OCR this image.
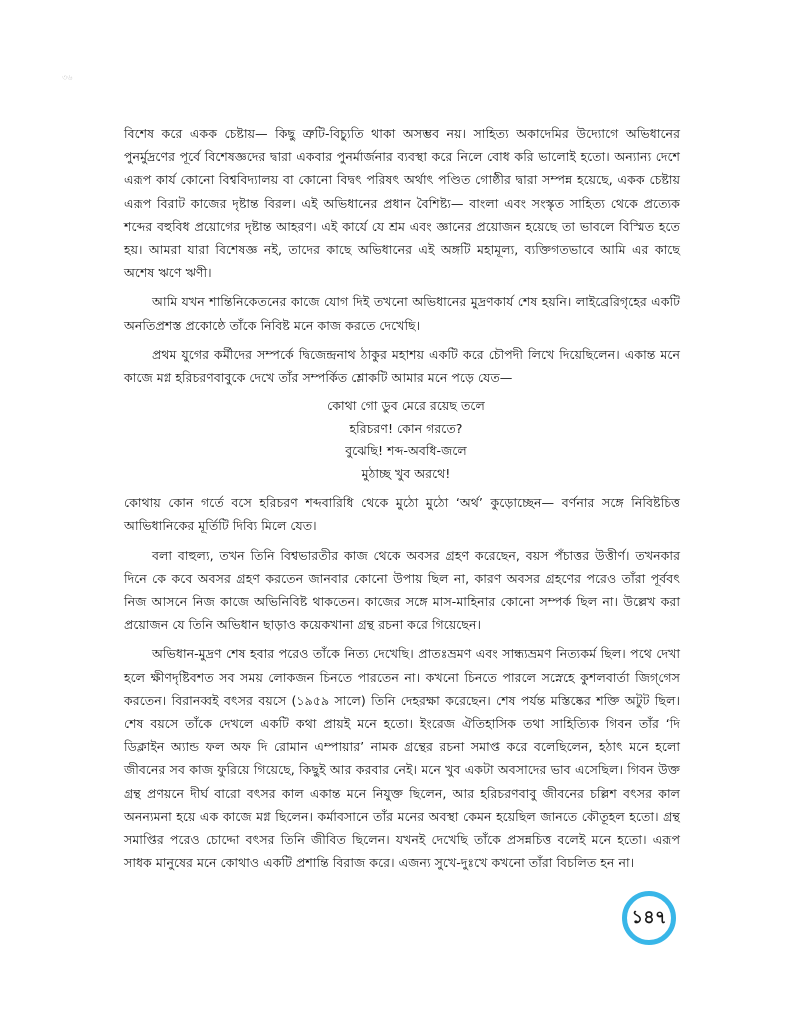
৩৬

বিশেষ করে একক চেষ্টায়— কিছু ত্রুটি-বিচ্যুতি থাকা অসম্ভব নয়। সাহিত্য অকাদেমির উদ্যোগে অভিধানের পুনর্মুদ্রণের পূর্বে বিশেষজ্ঞদের দ্বারা একবার পুনর্মার্জনার ব্যবস্থা করে নিলে বোধ করি ভালোই হতো। অন্যান্য দেশে এরূপ কার্য কোনো বিশ্ববিদ্যালয় বা কোনো বিদ্বৎ পরিষৎ অর্থাৎ পণ্ডিত গোষ্ঠীর দ্বারা সম্পন্ন হয়েছে, একক চেষ্টায় এরূপ বিরাট কাজের দৃষ্টান্ত বিরল। এই অভিধানের প্রধান বৈশিষ্ট্য— বাংলা এবং সংস্কৃত সাহিত্য থেকে প্রত্যেক শব্দের বহুবিধ প্রয়োগের দৃষ্টান্ত আহরণ। এই কার্যে যে শ্রম এবং জ্ঞানের প্রয়োজন হয়েছে তা ভাবলে বিস্মিত হতে হয়। আমরা যারা বিশেষজ্ঞ নই, তাদের কাছে অভিধানের এই অঙ্গটি মহামূল্য, ব্যক্তিগতভাবে আমি এর কাছে অশেষ ঋণে ঋণী।

আমি যখন শান্তিনিকেতনের কাজে যোগ দিই তখনো অভিধানের মুদ্রণকার্য শেষ হয়নি। লাইব্রেরিগৃহের একটি অনতিপ্রশস্ত প্রকোষ্ঠে তাঁকে নিবিষ্ট মনে কাজ করতে দেখেছি।

প্রথম যুগের কর্মীদের সম্পর্কে দ্বিজেন্দ্রনাথ ঠাকুর মহাশয় একটি করে চৌপদী লিখে দিয়েছিলেন। একান্ত মনে কাজে মগ্ন হরিচরণবাবুকে দেখে তাঁর সম্পর্কিত শ্লোকটি আমার মনে পড়ে যেত—

কোথা গো ডুব মেরে রয়েছ তলে
হরিচরণ! কোন গরতে?
বুঝেছি! শব্দ-অবধি-জলে
মুঠাচ্ছ খুব অরথে!

কোথায় কোন গর্তে বসে হরিচরণ শব্দবারিধি থেকে মুঠো মুঠো ‘অর্থ’ কুড়োচ্ছেন— বর্ণনার সঙ্গে নিবিষ্টচিত্ত আভিধানিকের মূর্তিটি দিব্যি মিলে যেত।

বলা বাহুল্য, তখন তিনি বিশ্বভারতীর কাজ থেকে অবসর গ্রহণ করেছেন, বয়স পঁচাত্তর উত্তীর্ণ। তখনকার দিনে কে কবে অবসর গ্রহণ করতেন জানবার কোনো উপায় ছিল না, কারণ অবসর গ্রহণের পরেও তাঁরা পূর্ববৎ নিজ আসনে নিজ কাজে অভিনিবিষ্ট থাকতেন। কাজের সঙ্গে মাস-মাহিনার কোনো সম্পর্ক ছিল না। উল্লেখ করা প্রয়োজন যে তিনি অভিধান ছাড়াও কয়েকখানা গ্রন্থ রচনা করে গিয়েছেন।

অভিধান-মুদ্রণ শেষ হবার পরেও তাঁকে নিত্য দেখেছি। প্রাতঃভ্রমণ এবং সান্ধ্যভ্রমণ নিত্যকর্ম ছিল। পথে দেখা হলে ক্ষীণদৃষ্টিবশত সব সময় লোকজন চিনতে পারতেন না। কখনো চিনতে পারলে সস্নেহে কুশলবার্তা জিগ্‌গেস করতেন। বিরানব্বই বৎসর বয়সে (১৯৫৯ সালে) তিনি দেহরক্ষা করেছেন। শেষ পর্যন্ত মস্তিষ্কের শক্তি অটুট ছিল। শেষ বয়সে তাঁকে দেখলে একটি কথা প্রায়ই মনে হতো। ইংরেজ ঐতিহাসিক তথা সাহিত্যিক গিবন তাঁর ‘দি ডিক্লাইন অ্যান্ড ফল অফ দি রোমান এম্পায়ার’ নামক গ্রন্থের রচনা সমাপ্ত করে বলেছিলেন, হঠাৎ মনে হলো জীবনের সব কাজ ফুরিয়ে গিয়েছে, কিছুই আর করবার নেই। মনে খুব একটা অবসাদের ভাব এসেছিল। গিবন উক্ত গ্রন্থ প্রণয়নে দীর্ঘ বারো বৎসর কাল একান্ত মনে নিযুক্ত ছিলেন, আর হরিচরণবাবু জীবনের চল্লিশ বৎসর কাল অনন্যমনা হয়ে এক কাজে মগ্ন ছিলেন। কর্মাবসানে তাঁর মনের অবস্থা কেমন হয়েছিল জানতে কৌতূহল হতো। গ্রন্থ সমাপ্তির পরেও চোদ্দো বৎসর তিনি জীবিত ছিলেন। যখনই দেখেছি তাঁকে প্রসন্নচিত্ত বলেই মনে হতো। এরূপ সাধক মানুষের মনে কোথাও একটি প্রশান্তি বিরাজ করে। এজন্য সুখে-দুঃখে কখনো তাঁরা বিচলিত হন না।

১৪৭
